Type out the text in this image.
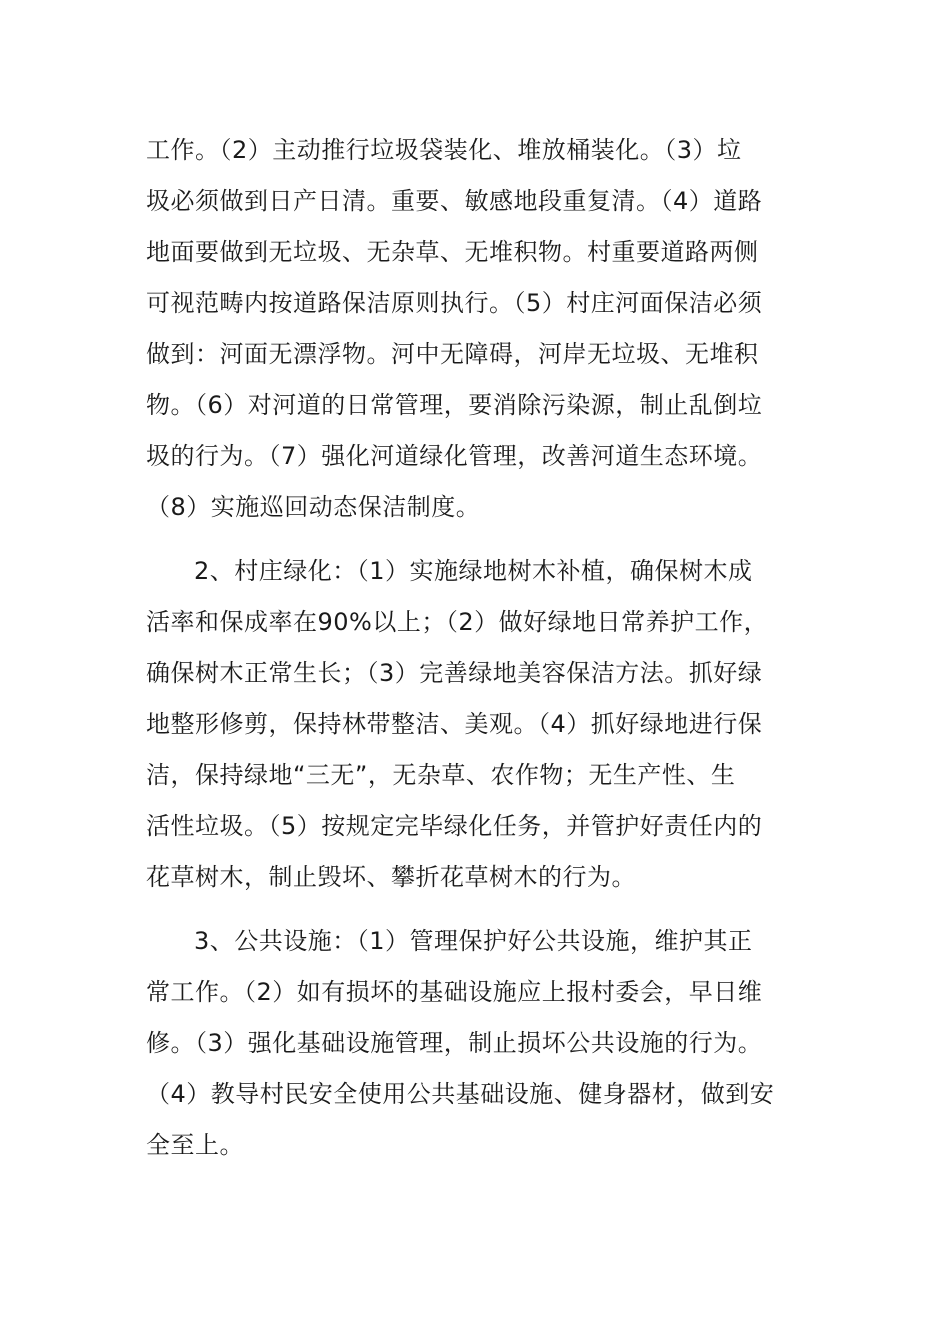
工作。（2）主动推行垃圾袋装化、堆放桶装化。（3）垃
圾必须做到日产日清。重要、敏感地段重复清。（4）道路
地面要做到无垃圾、无杂草、无堆积物。村重要道路两侧
可视范畴内按道路保洁原则执行。（5）村庄河面保洁必须
做到：河面无漂浮物。河中无障碍，河岸无垃圾、无堆积
物。（6）对河道的日常管理，要消除污染源，制止乱倒垃
圾的行为。（7）强化河道绿化管理，改善河道生态环境。
（8）实施巡回动态保洁制度。
2、村庄绿化：（1）实施绿地树木补植，确保树木成
活率和保成率在90%以上；（2）做好绿地日常养护工作，
确保树木正常生长；（3）完善绿地美容保洁方法。抓好绿
地整形修剪，保持林带整洁、美观。（4）抓好绿地进行保
洁，保持绿地“三无”，无杂草、农作物；无生产性、生
活性垃圾。（5）按规定完毕绿化任务，并管护好责任内的
花草树木，制止毁坏、攀折花草树木的行为。
3、公共设施：（1）管理保护好公共设施，维护其正
常工作。（2）如有损坏的基础设施应上报村委会，早日维
修。（3）强化基础设施管理，制止损坏公共设施的行为。
（4）教导村民安全使用公共基础设施、健身器材，做到安
全至上。
